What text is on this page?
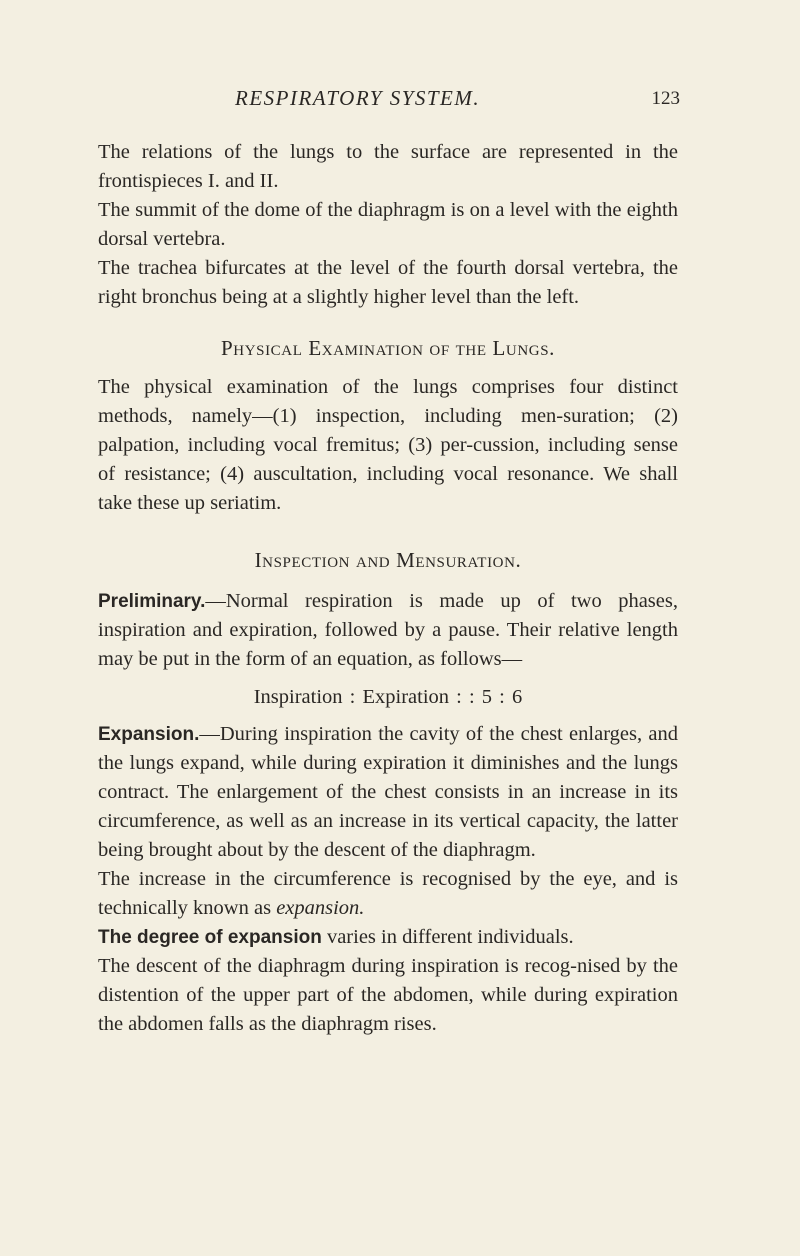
RESPIRATORY SYSTEM.	123

The relations of the lungs to the surface are represented in the frontispieces I. and II.

The summit of the dome of the diaphragm is on a level with the eighth dorsal vertebra.

The trachea bifurcates at the level of the fourth dorsal vertebra, the right bronchus being at a slightly higher level than the left.

Physical Examination of the Lungs.

The physical examination of the lungs comprises four distinct methods, namely—(1) inspection, including men-suration; (2) palpation, including vocal fremitus; (3) per-cussion, including sense of resistance; (4) auscultation, including vocal resonance. We shall take these up seriatim.

Inspection and Mensuration.

Preliminary.—Normal respiration is made up of two phases, inspiration and expiration, followed by a pause. Their relative length may be put in the form of an equation, as follows—

Inspiration : Expiration : : 5 : 6

Expansion.—During inspiration the cavity of the chest enlarges, and the lungs expand, while during expiration it diminishes and the lungs contract. The enlargement of the chest consists in an increase in its circumference, as well as an increase in its vertical capacity, the latter being brought about by the descent of the diaphragm.

The increase in the circumference is recognised by the eye, and is technically known as expansion.

The degree of expansion varies in different individuals.

The descent of the diaphragm during inspiration is recog-nised by the distention of the upper part of the abdomen, while during expiration the abdomen falls as the diaphragm rises.
